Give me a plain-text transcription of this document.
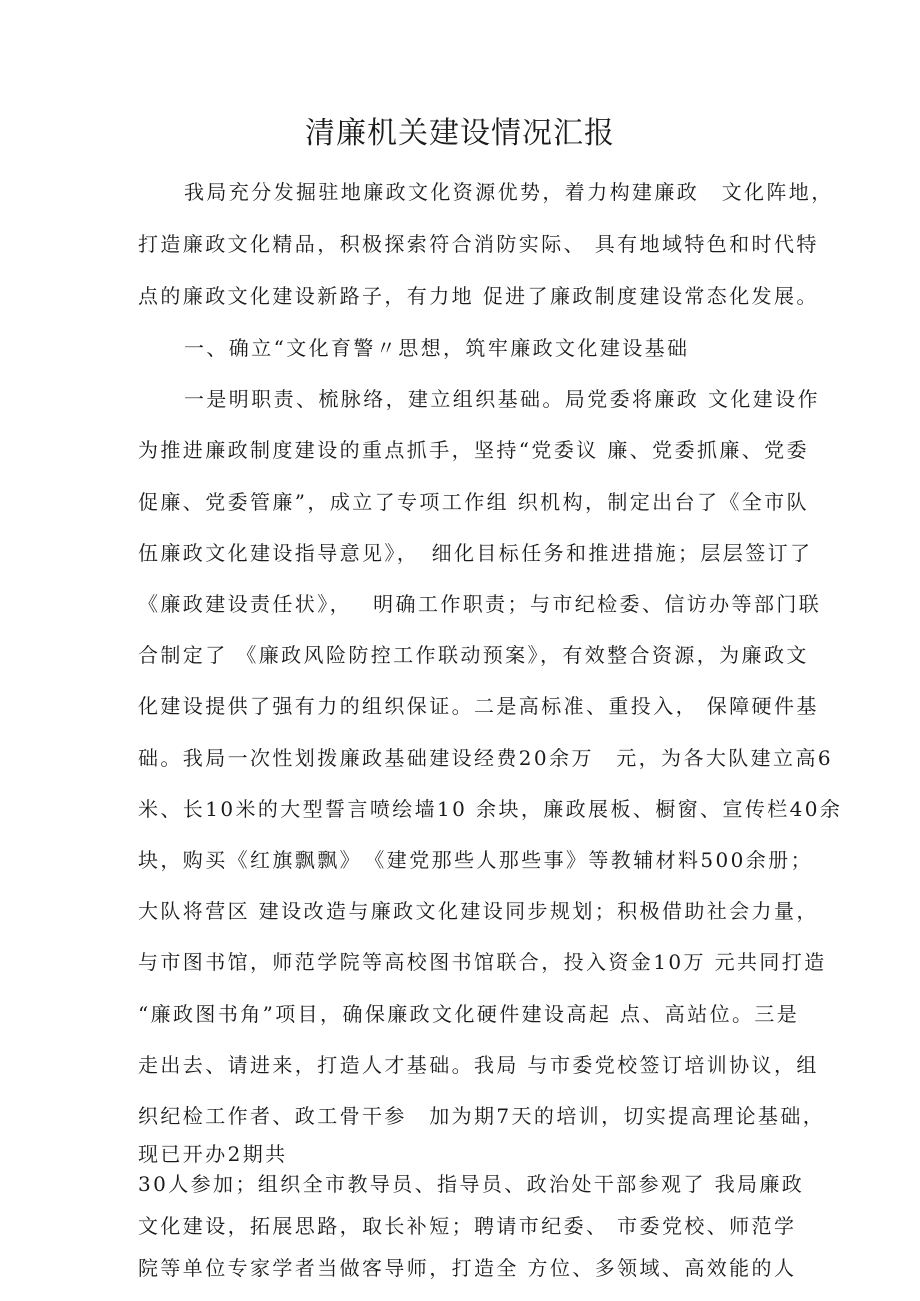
清廉机关建设情况汇报
我局充分发掘驻地廉政文化资源优势，着力构建廉政　文化阵地，
打造廉政文化精品，积极探索符合消防实际、 具有地域特色和时代特
点的廉政文化建设新路子，有力地 促进了廉政制度建设常态化发展。
一、确立“文化育警〃思想，筑牢廉政文化建设基础
一是明职责、梳脉络，建立组织基础。局党委将廉政 文化建设作
为推进廉政制度建设的重点抓手，坚持“党委议 廉、党委抓廉、党委
促廉、党委管廉”，成立了专项工作组 织机构，制定出台了《全市队
伍廉政文化建设指导意见》，　细化目标任务和推进措施；层层签订了
《廉政建设责任状》，　 明确工作职责；与市纪检委、信访办等部门联
合制定了 《廉政风险防控工作联动预案》，有效整合资源，为廉政文
化建设提供了强有力的组织保证。二是高标准、重投入， 保障硬件基
础。我局一次性划拨廉政基础建设经费20余万　元，为各大队建立高6
米、长10米的大型誓言喷绘墙10 余块，廉政展板、橱窗、宣传栏40余
块，购买《红旗飘飘》　《建党那些人那些事》等教辅材料500余册；
大队将营区 建设改造与廉政文化建设同步规划；积极借助社会力量，
与市图书馆，师范学院等高校图书馆联合，投入资金10万 元共同打造
“廉政图书角”项目，确保廉政文化硬件建设高起 点、高站位。三是
走出去、请进来，打造人才基础。我局 与市委党校签订培训协议，组
织纪检工作者、政工骨干参　加为期7天的培训，切实提高理论基础，
现已开办2期共
30人参加；组织全市教导员、指导员、政治处干部参观了 我局廉政
文化建设，拓展思路，取长补短；聘请市纪委、 市委党校、师范学
院等单位专家学者当做客导师，打造全 方位、多领域、高效能的人
